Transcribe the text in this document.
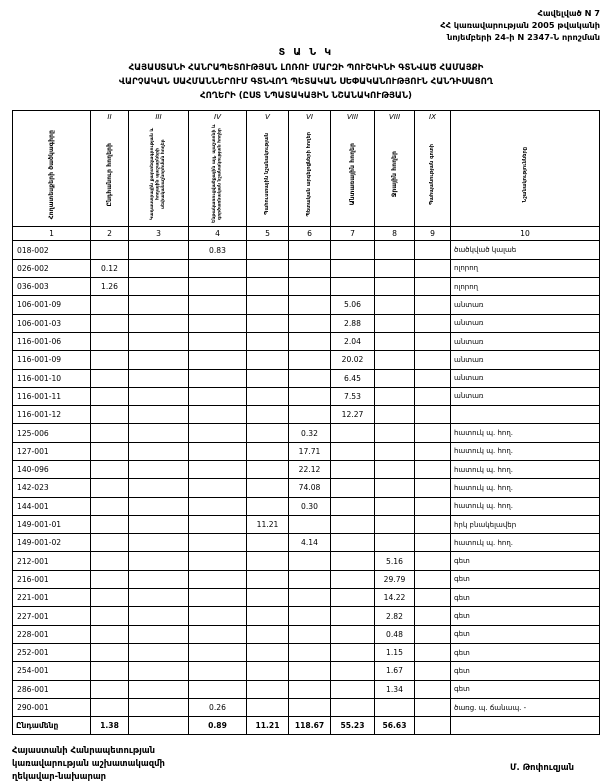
Հավելված N 7
ՀՀ կառավարության 2005 թվականի
նոյեմբերի 24-ի N 2347-Ն որոշման
Տ Ա Ն Կ
ՀԱՅԱՍՏԱՆԻ ՀԱՆՐԱՊԵՏՈՒԹՅԱՆ ԼՈՌՈՒ ՄԱՐԶԻ ՊՈՒՇԿԻՆԻ ԳՏՆՎԱԾ ՀԱՄԱՅՔԻ
ՎԱՐՉԱԿԱՆ ՍԱՀՄԱՆՆԵՐՈՒՄ ԳՏՆՎՈՂ ՊԵՏԱԿԱՆ ՍԵՓԱԿԱՆՈՒԹՅՈՒՆ ՀԱՆԴԻՍԱՑՈՂ
ՀՈՂԵՐԻ (ԸՍՏ ՆՊԱՏԱԿԱՅԻՆ ՆՇԱՆԱԿՈՒԹՅԱՆ)
	II	III	IV	V	VI	VIII	VIII	IX	

Հողատեսքերի ծածկագիրը	Ընդհանուր հողերի	Կադաստրային քարտեզագրության և հողային պաշարների սեփականաշնորհման հողեր	Ենթակառուցվածքային այլ, պաշտոնի և գործառնական նշանակության հողեր	Պահուստային նշանակության	Պետական արգելոցների հողեր	Անտառային հողեր	Ջրային հողեր	Պահպանության գոտի	Նշանակությունները

1	2	3	4	5	6	7	8	9	10
018-002			0.83						ծածկված կալաե
026-002	0.12								ոլորող
036-003	1.26								ոլորող
106-001-09						5.06			անտառ
106-001-03						2.88			անտառ
116-001-06						2.04			անտառ
116-001-09						20.02			անտառ
116-001-10						6.45			անտառ
116-001-11						7.53			անտառ
116-001-12						12.27			
125-006					0.32				հատուկ պ. հող.
127-001					17.71				հատուկ պ. հող.
140-096					22.12				հատուկ պ. հող.
142-023					74.08				հատուկ պ. հող.
144-001					0.30				հատուկ պ. հող.
149-001-01				11.21					հրկ բնակելավեր
149-001-02					4.14				հատուկ պ. հող.
212-001							5.16		գետ
216-001							29.79		գետ
221-001							14.22		գետ
227-001							2.82		գետ
228-001							0.48		գետ
252-001							1.15		գետ
254-001							1.67		գետ
286-001							1.34		գետ
290-001			0.26						ծառց. պ. ճանապ. -
Ընդամենը	1.38		0.89	11.21	118.67	55.23	56.63		
Հայաստանի Հանրապետության
կառավարության աշխատակազմի
ղեկավար-նախարար
Մ. Թոփուզյան
